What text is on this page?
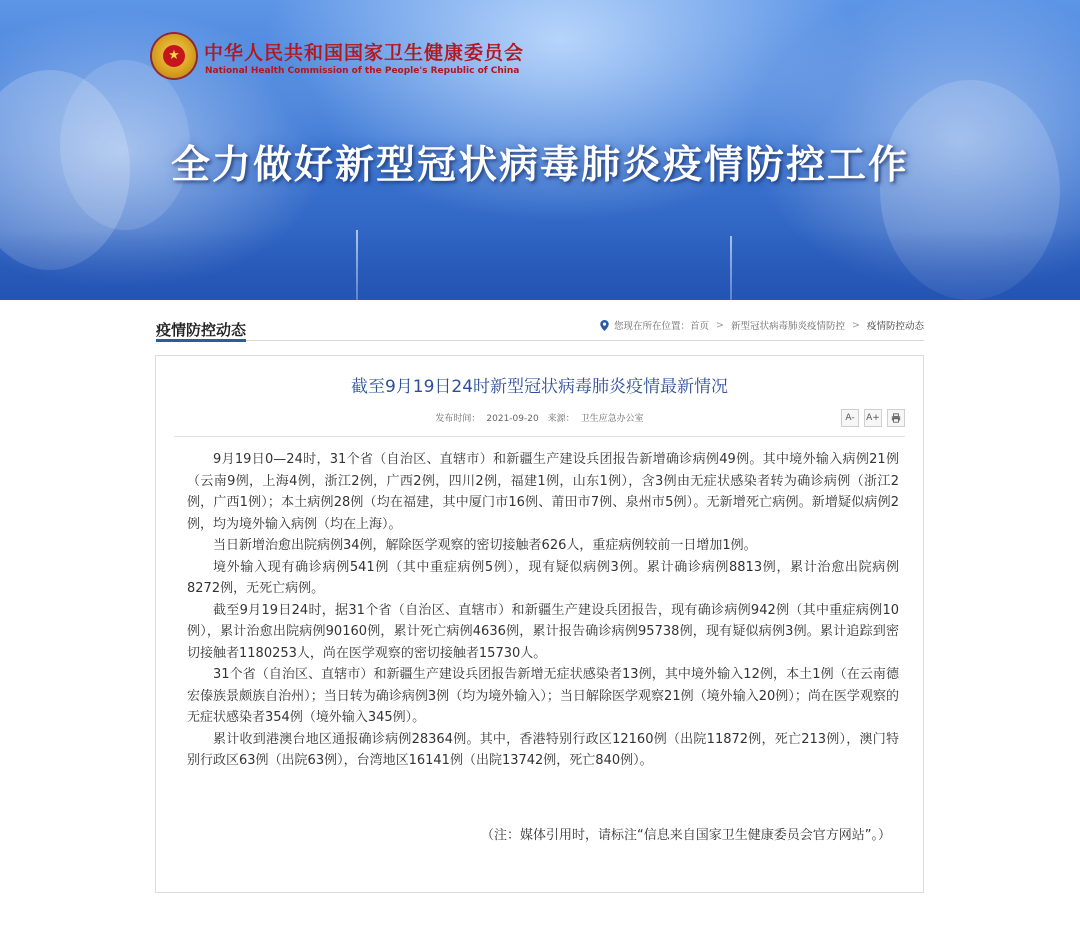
★ 中华人民共和国国家卫生健康委员会
National Health Commission of the People's Republic of China
全力做好新型冠状病毒肺炎疫情防控工作
疫情防控动态	您现在所在位置： 首页 > 新型冠状病毒肺炎疫情防控 > 疫情防控动态
截至9月19日24时新型冠状病毒肺炎疫情最新情况
发布时间： 2021-09-20 来源： 卫生应急办公室	A-	A+

9月19日0—24时，31个省（自治区、直辖市）和新疆生产建设兵团报告新增确诊病例49例。其中境外输入病例21例（云南9例，上海4例，浙江2例，广西2例，四川2例，福建1例，山东1例），含3例由无症状感染者转为确诊病例（浙江2例，广西1例）；本土病例28例（均在福建，其中厦门市16例、莆田市7例、泉州市5例）。无新增死亡病例。新增疑似病例2例，均为境外输入病例（均在上海）。

当日新增治愈出院病例34例，解除医学观察的密切接触者626人，重症病例较前一日增加1例。

境外输入现有确诊病例541例（其中重症病例5例），现有疑似病例3例。累计确诊病例8813例，累计治愈出院病例8272例，无死亡病例。

截至9月19日24时，据31个省（自治区、直辖市）和新疆生产建设兵团报告，现有确诊病例942例（其中重症病例10例），累计治愈出院病例90160例，累计死亡病例4636例，累计报告确诊病例95738例，现有疑似病例3例。累计追踪到密切接触者1180253人，尚在医学观察的密切接触者15730人。

31个省（自治区、直辖市）和新疆生产建设兵团报告新增无症状感染者13例，其中境外输入12例，本土1例（在云南德宏傣族景颇族自治州）；当日转为确诊病例3例（均为境外输入）；当日解除医学观察21例（境外输入20例）；尚在医学观察的无症状感染者354例（境外输入345例）。

累计收到港澳台地区通报确诊病例28364例。其中，香港特别行政区12160例（出院11872例，死亡213例），澳门特别行政区63例（出院63例），台湾地区16141例（出院13742例，死亡840例）。

（注：媒体引用时，请标注“信息来自国家卫生健康委员会官方网站”。）
